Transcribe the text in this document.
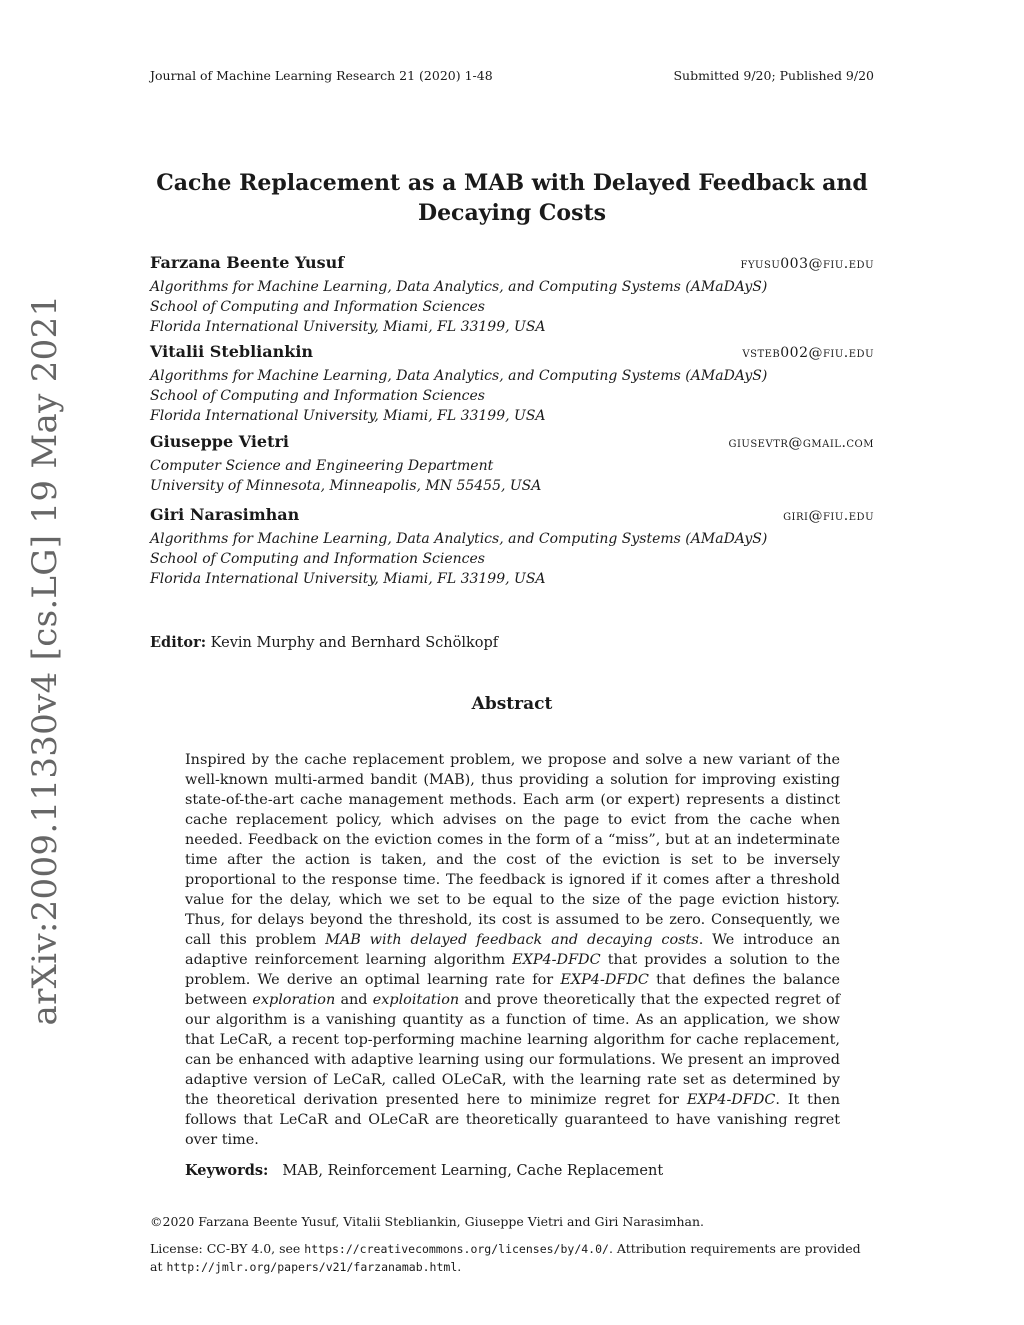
Journal of Machine Learning Research 21 (2020) 1-48	Submitted 9/20; Published 9/20
arXiv:2009.11330v4 [cs.LG] 19 May 2021
Cache Replacement as a MAB with Delayed Feedback and
Decaying Costs
Farzana Beente Yusuf	fyusu003@fiu.edu
Algorithms for Machine Learning, Data Analytics, and Computing Systems (AMaDAyS)
School of Computing and Information Sciences
Florida International University, Miami, FL 33199, USA
Vitalii Stebliankin	vsteb002@fiu.edu
Algorithms for Machine Learning, Data Analytics, and Computing Systems (AMaDAyS)
School of Computing and Information Sciences
Florida International University, Miami, FL 33199, USA
Giuseppe Vietri	giusevtr@gmail.com
Computer Science and Engineering Department
University of Minnesota, Minneapolis, MN 55455, USA
Giri Narasimhan	giri@fiu.edu
Algorithms for Machine Learning, Data Analytics, and Computing Systems (AMaDAyS)
School of Computing and Information Sciences
Florida International University, Miami, FL 33199, USA
Editor: Kevin Murphy and Bernhard Schölkopf
Abstract

Inspired by the cache replacement problem, we propose and solve a new variant of the well-known multi-armed bandit (MAB), thus providing a solution for improving existing state-of-the-art cache management methods. Each arm (or expert) represents a distinct cache replacement policy, which advises on the page to evict from the cache when needed. Feedback on the eviction comes in the form of a “miss”, but at an indeterminate time after the action is taken, and the cost of the eviction is set to be inversely proportional to the response time. The feedback is ignored if it comes after a threshold value for the delay, which we set to be equal to the size of the page eviction history. Thus, for delays beyond the threshold, its cost is assumed to be zero. Consequently, we call this problem MAB with delayed feedback and decaying costs. We introduce an adaptive reinforcement learning algorithm EXP4-DFDC that provides a solution to the problem. We derive an optimal learning rate for EXP4-DFDC that defines the balance between exploration and exploitation and prove theoretically that the expected regret of our algorithm is a vanishing quantity as a function of time. As an application, we show that LeCaR, a recent top-performing machine learning algorithm for cache replacement, can be enhanced with adaptive learning using our formulations. We present an improved adaptive version of LeCaR, called OLeCaR, with the learning rate set as determined by the theoretical derivation presented here to minimize regret for EXP4-DFDC. It then follows that LeCaR and OLeCaR are theoretically guaranteed to have vanishing regret over time.

Keywords: MAB, Reinforcement Learning, Cache Replacement
©2020 Farzana Beente Yusuf, Vitalii Stebliankin, Giuseppe Vietri and Giri Narasimhan.
License: CC-BY 4.0, see https://creativecommons.org/licenses/by/4.0/. Attribution requirements are provided at http://jmlr.org/papers/v21/farzanamab.html.
